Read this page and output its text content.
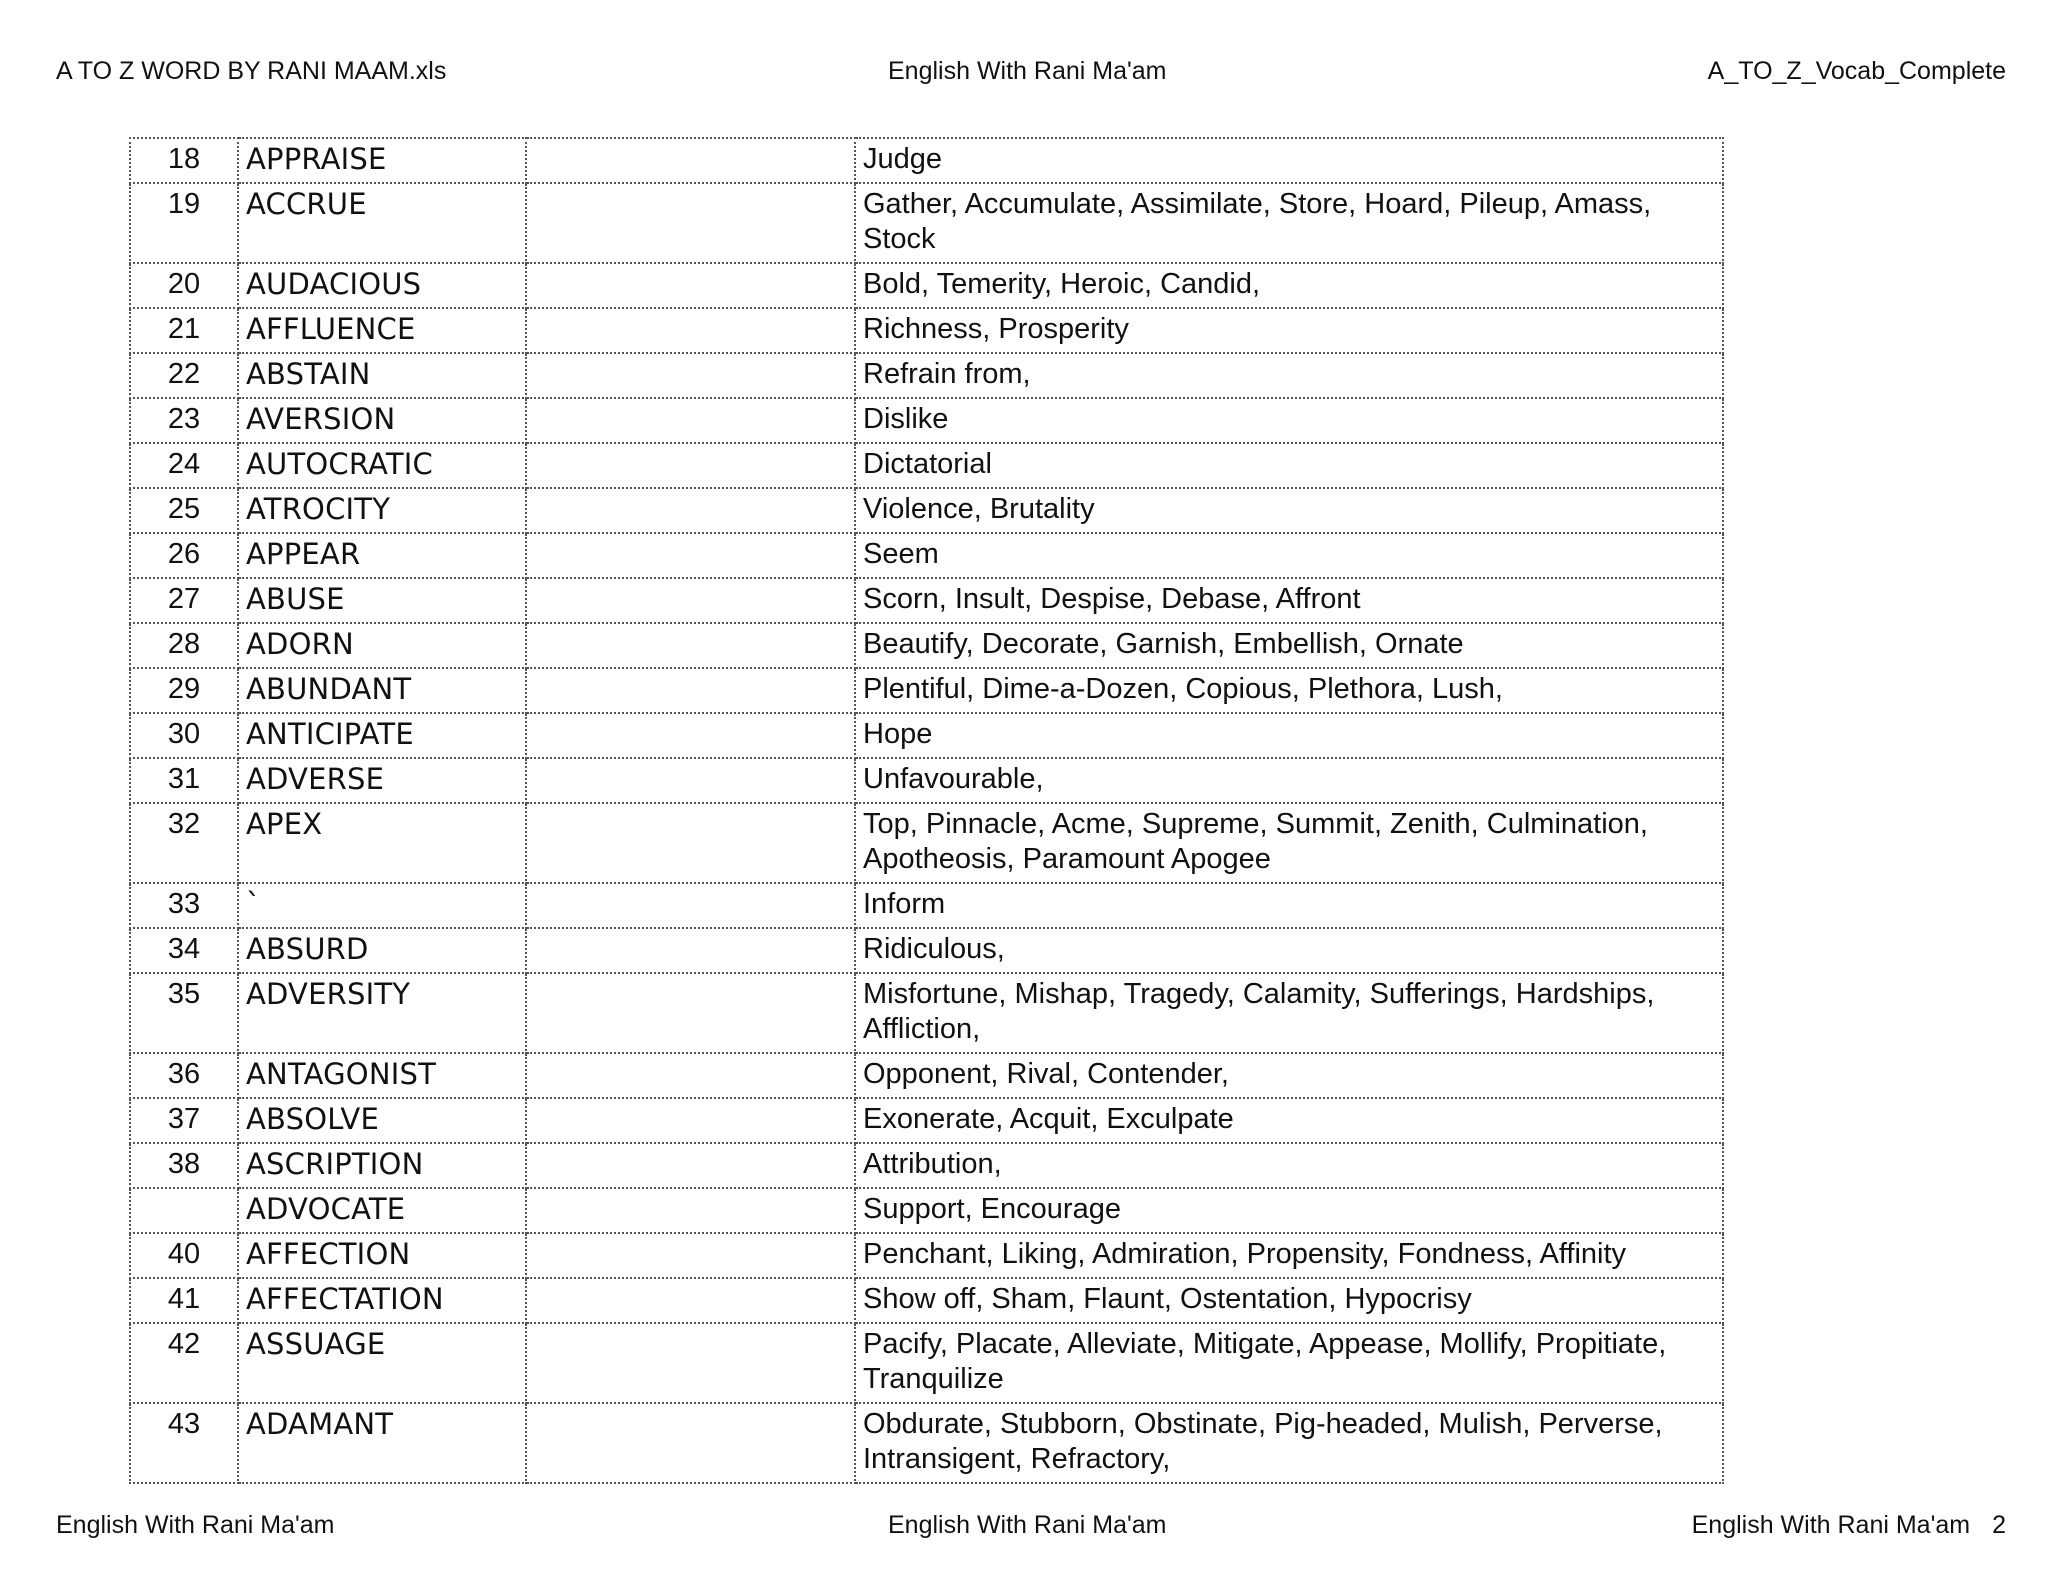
A TO Z WORD BY RANI MAAM.xls	English With Rani Ma'am	A_TO_Z_Vocab_Complete
18	APPRAISE		Judge
19	ACCRUE		Gather, Accumulate, Assimilate, Store, Hoard, Pileup, Amass, Stock
20	AUDACIOUS		Bold, Temerity, Heroic, Candid,
21	AFFLUENCE		Richness, Prosperity
22	ABSTAIN		Refrain from,
23	AVERSION		Dislike
24	AUTOCRATIC		Dictatorial
25	ATROCITY		Violence, Brutality
26	APPEAR		Seem
27	ABUSE		Scorn, Insult, Despise, Debase, Affront
28	ADORN		Beautify, Decorate, Garnish, Embellish, Ornate
29	ABUNDANT		Plentiful, Dime-a-Dozen, Copious, Plethora, Lush,
30	ANTICIPATE		Hope
31	ADVERSE		Unfavourable,
32	APEX		Top, Pinnacle, Acme, Supreme, Summit, Zenith, Culmination, Apotheosis, Paramount Apogee
33	`		Inform
34	ABSURD		Ridiculous,
35	ADVERSITY		Misfortune, Mishap, Tragedy, Calamity, Sufferings, Hardships, Affliction,
36	ANTAGONIST		Opponent, Rival, Contender,
37	ABSOLVE		Exonerate, Acquit, Exculpate
38	ASCRIPTION		Attribution,
	ADVOCATE		Support, Encourage
40	AFFECTION		Penchant, Liking, Admiration, Propensity, Fondness, Affinity
41	AFFECTATION		Show off, Sham, Flaunt, Ostentation, Hypocrisy
42	ASSUAGE		Pacify, Placate, Alleviate, Mitigate, Appease, Mollify, Propitiate, Tranquilize
43	ADAMANT		Obdurate, Stubborn, Obstinate, Pig-headed, Mulish, Perverse, Intransigent, Refractory,
English With Rani Ma'am	English With Rani Ma'am	English With Rani Ma'am 2
